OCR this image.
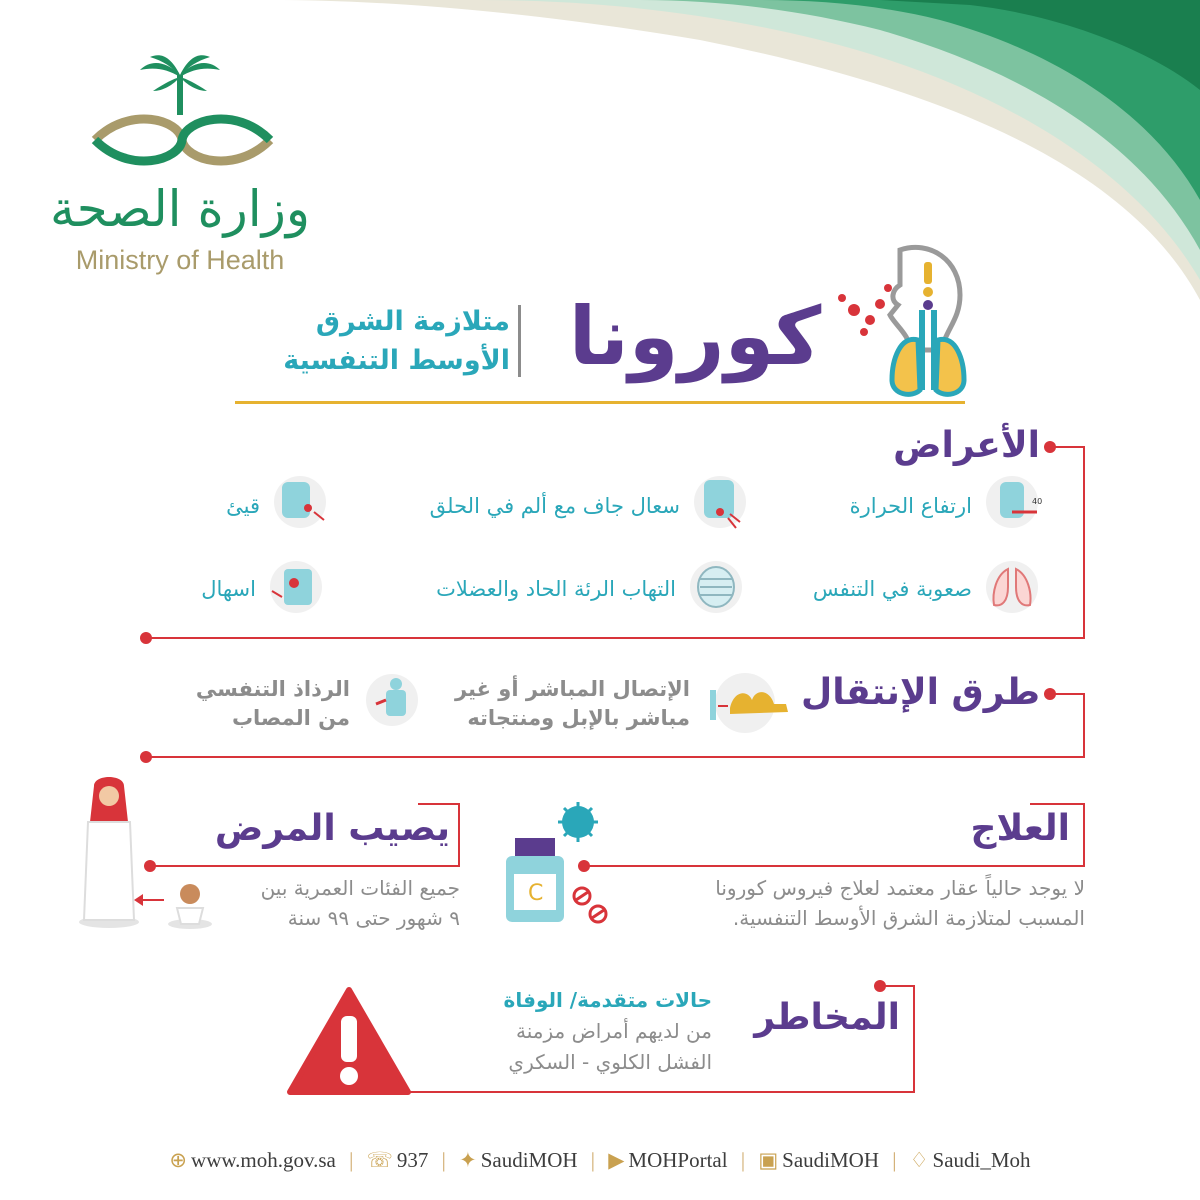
وزارة الصحة
Ministry of Health
كورونا
متلازمة الشرق
الأوسط التنفسية
الأعراض
40
ارتفاع الحرارة
سعال جاف مع ألم في الحلق
قيئ
صعوبة في التنفس
التهاب الرئة الحاد والعضلات
اسهال
طرق الإنتقال
الإتصال المباشر أو غير
مباشر بالإبل ومنتجاته
الرذاذ التنفسي
من المصاب
العلاج
لا يوجد حالياً عقار معتمد لعلاج فيروس كورونا
المسبب لمتلازمة الشرق الأوسط التنفسية.
C
يصيب المرض
جميع الفئات العمرية بين
٩ شهور حتى ٩٩ سنة
المخاطر
حالات متقدمة/ الوفاة
من لديهم أمراض مزمنة
الفشل الكلوي - السكري
⊕ www.moh.gov.sa | ☏ 937 | ✦ SaudiMOH | ▶ MOHPortal | ▣ SaudiMOH | ♢ Saudi_Moh
